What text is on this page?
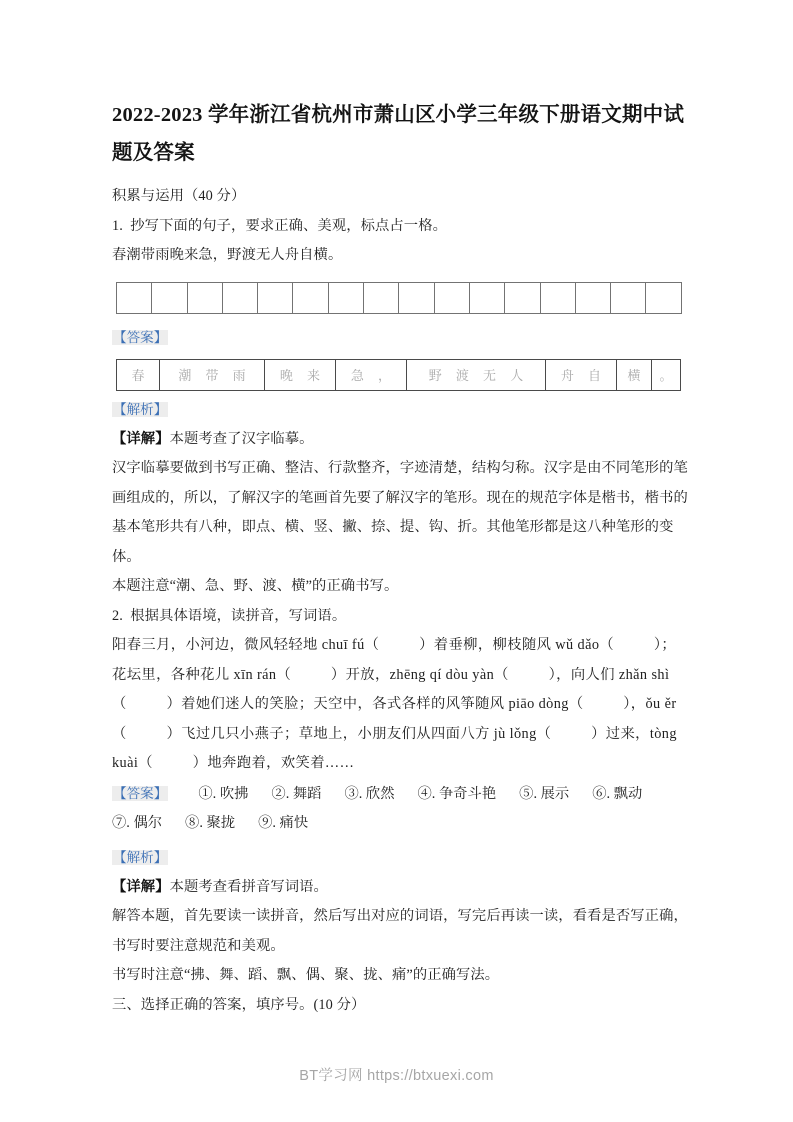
2022-2023 学年浙江省杭州市萧山区小学三年级下册语文期中试题及答案

积累与运用（40 分）

1.  抄写下面的句子，要求正确、美观，标点占一格。

春潮带雨晚来急，野渡无人舟自横。

【答案】

春	潮 带 雨	晚 来	急 ，	野 渡 无 人	舟 自	横	。

【解析】

【详解】本题考查了汉字临摹。

汉字临摹要做到书写正确、整洁、行款整齐，字迹清楚，结构匀称。汉字是由不同笔形的笔画组成的，所以，了解汉字的笔画首先要了解汉字的笔形。现在的规范字体是楷书，楷书的基本笔形共有八种，即点、横、竖、撇、捺、提、钩、折。其他笔形都是这八种笔形的变体。

本题注意“潮、急、野、渡、横”的正确书写。

2.  根据具体语境，读拼音，写词语。

阳春三月，小河边，微风轻轻地 chuī fú（          ）着垂柳，柳枝随风 wǔ dǎo（          ）；

花坛里，各种花儿 xīn rán（          ）开放，zhēng qí dòu yàn（          ），向人们 zhǎn shì

（          ）着她们迷人的笑脸；天空中，各式各样的风筝随风 piāo dòng（          ），ǒu ěr

（          ）飞过几只小燕子；草地上，小朋友们从四面八方 jù lǒng（          ）过来，tòng

kuài（          ）地奔跑着，欢笑着……

【答案】 ①. 吹拂 ②. 舞蹈 ③. 欣然 ④. 争奇斗艳 ⑤. 展示 ⑥. 飘动⑦. 偶尔 ⑧. 聚拢 ⑨. 痛快

【解析】

【详解】本题考查看拼音写词语。

解答本题，首先要读一读拼音，然后写出对应的词语，写完后再读一读，看看是否写正确，书写时要注意规范和美观。

书写时注意“拂、舞、蹈、飘、偶、聚、拢、痛”的正确写法。

三、选择正确的答案，填序号。(10 分）

BT学习网 https://btxuexi.com
